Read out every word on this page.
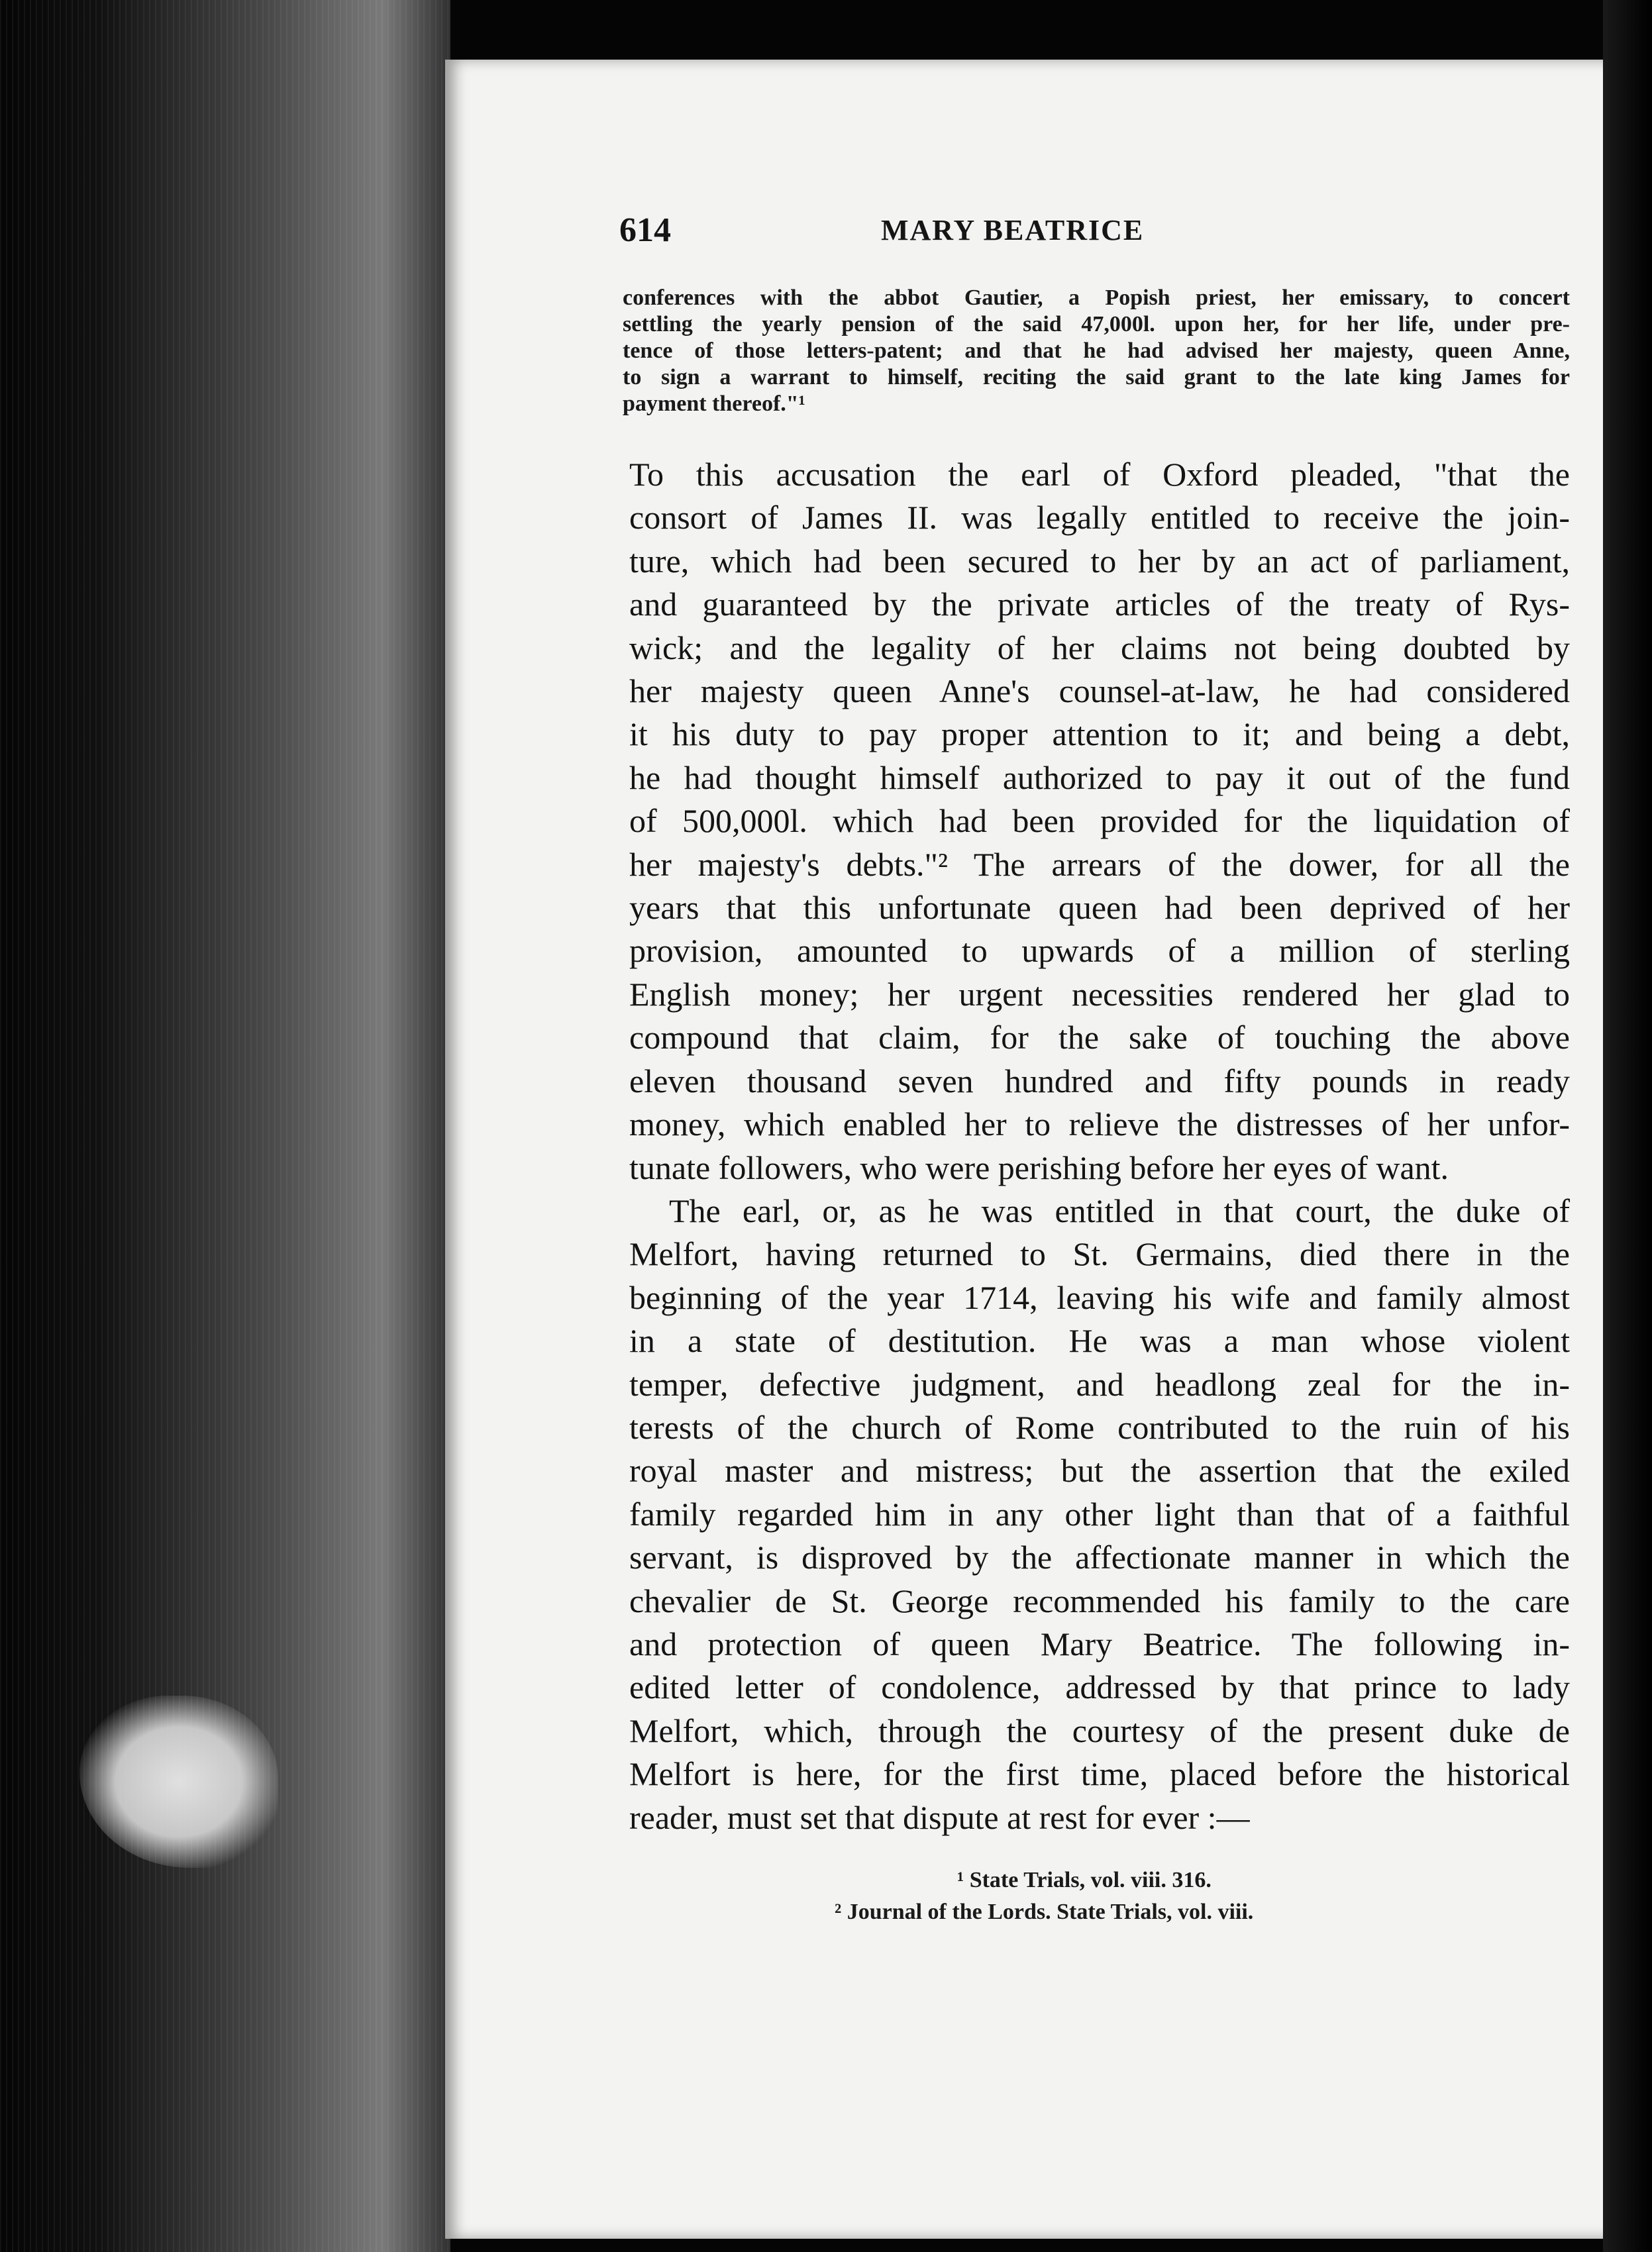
614	MARY BEATRICE
conferences with the abbot Gautier, a Popish priest, her emissary, to concert
settling the yearly pension of the said 47,000l. upon her, for her life, under pre-
tence of those letters-patent; and that he had advised her majesty, queen Anne,
to sign a warrant to himself, reciting the said grant to the late king James for
payment thereof."¹
To this accusation the earl of Oxford pleaded, "that the
consort of James II. was legally entitled to receive the join-
ture, which had been secured to her by an act of parliament,
and guaranteed by the private articles of the treaty of Rys-
wick; and the legality of her claims not being doubted by
her majesty queen Anne's counsel-at-law, he had considered
it his duty to pay proper attention to it; and being a debt,
he had thought himself authorized to pay it out of the fund
of 500,000l. which had been provided for the liquidation of
her majesty's debts."² The arrears of the dower, for all the
years that this unfortunate queen had been deprived of her
provision, amounted to upwards of a million of sterling
English money; her urgent necessities rendered her glad to
compound that claim, for the sake of touching the above
eleven thousand seven hundred and fifty pounds in ready
money, which enabled her to relieve the distresses of her unfor-
tunate followers, who were perishing before her eyes of want.
The earl, or, as he was entitled in that court, the duke of
Melfort, having returned to St. Germains, died there in the
beginning of the year 1714, leaving his wife and family almost
in a state of destitution. He was a man whose violent
temper, defective judgment, and headlong zeal for the in-
terests of the church of Rome contributed to the ruin of his
royal master and mistress; but the assertion that the exiled
family regarded him in any other light than that of a faithful
servant, is disproved by the affectionate manner in which the
chevalier de St. George recommended his family to the care
and protection of queen Mary Beatrice. The following in-
edited letter of condolence, addressed by that prince to lady
Melfort, which, through the courtesy of the present duke de
Melfort is here, for the first time, placed before the historical
reader, must set that dispute at rest for ever :—
¹ State Trials, vol. viii. 316.
² Journal of the Lords. State Trials, vol. viii.
